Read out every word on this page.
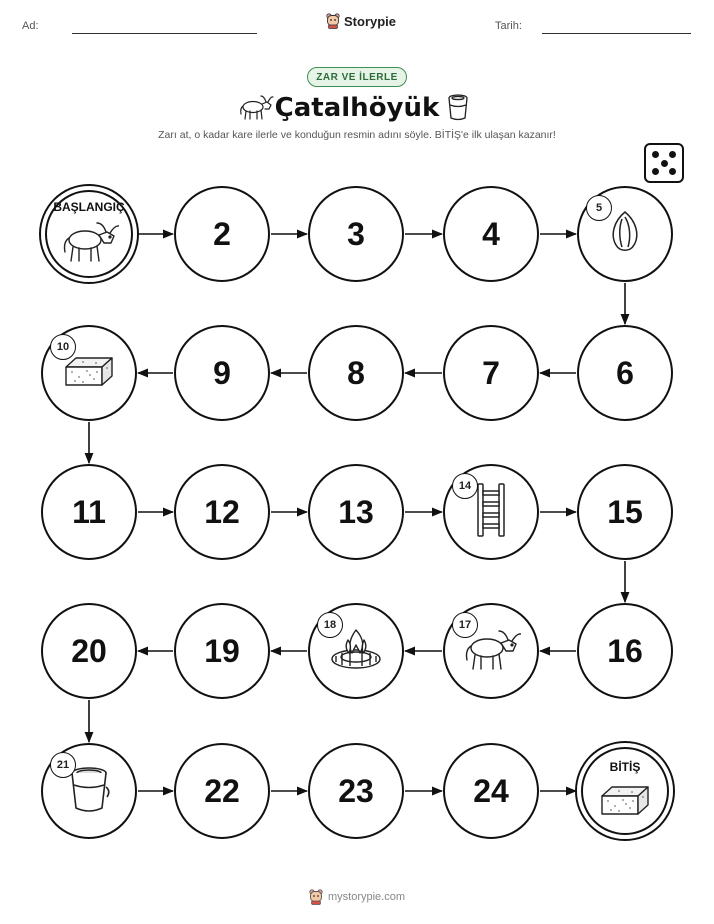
Ad:	Storypie	Tarih:
ZAR VE İLERLE
Çatalhöyük
Zarı at, o kadar kare ilerle ve konduğun resmin adını söyle. BİTİŞ'e ilk ulaşan kazanır!
BAŞLANGIÇ
2	3	4
5
6
7
8
9
10
11	12	13
14
15
16
17
18
19
20
21
22	23	24
BİTİŞ
mystorypie.com
